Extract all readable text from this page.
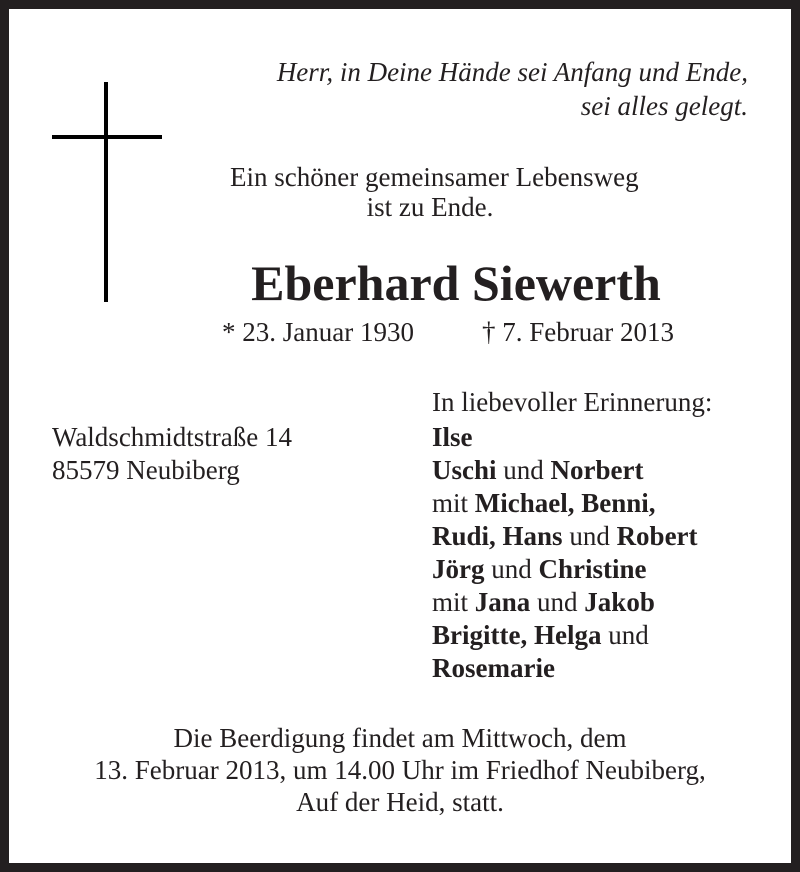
Herr, in Deine Hände sei Anfang und Ende,
sei alles gelegt.
Ein schöner gemeinsamer Lebensweg
ist zu Ende.
Eberhard Siewerth
* 23. Januar 1930	† 7. Februar 2013
In liebevoller Erinnerung:
Waldschmidtstraße 14
85579 Neubiberg
Ilse
Uschi und Norbert
mit Michael, Benni,
Rudi, Hans und Robert
Jörg und Christine
mit Jana und Jakob
Brigitte, Helga und
Rosemarie
Die Beerdigung findet am Mittwoch, dem
13. Februar 2013, um 14.00 Uhr im Friedhof Neubiberg,
Auf der Heid, statt.
